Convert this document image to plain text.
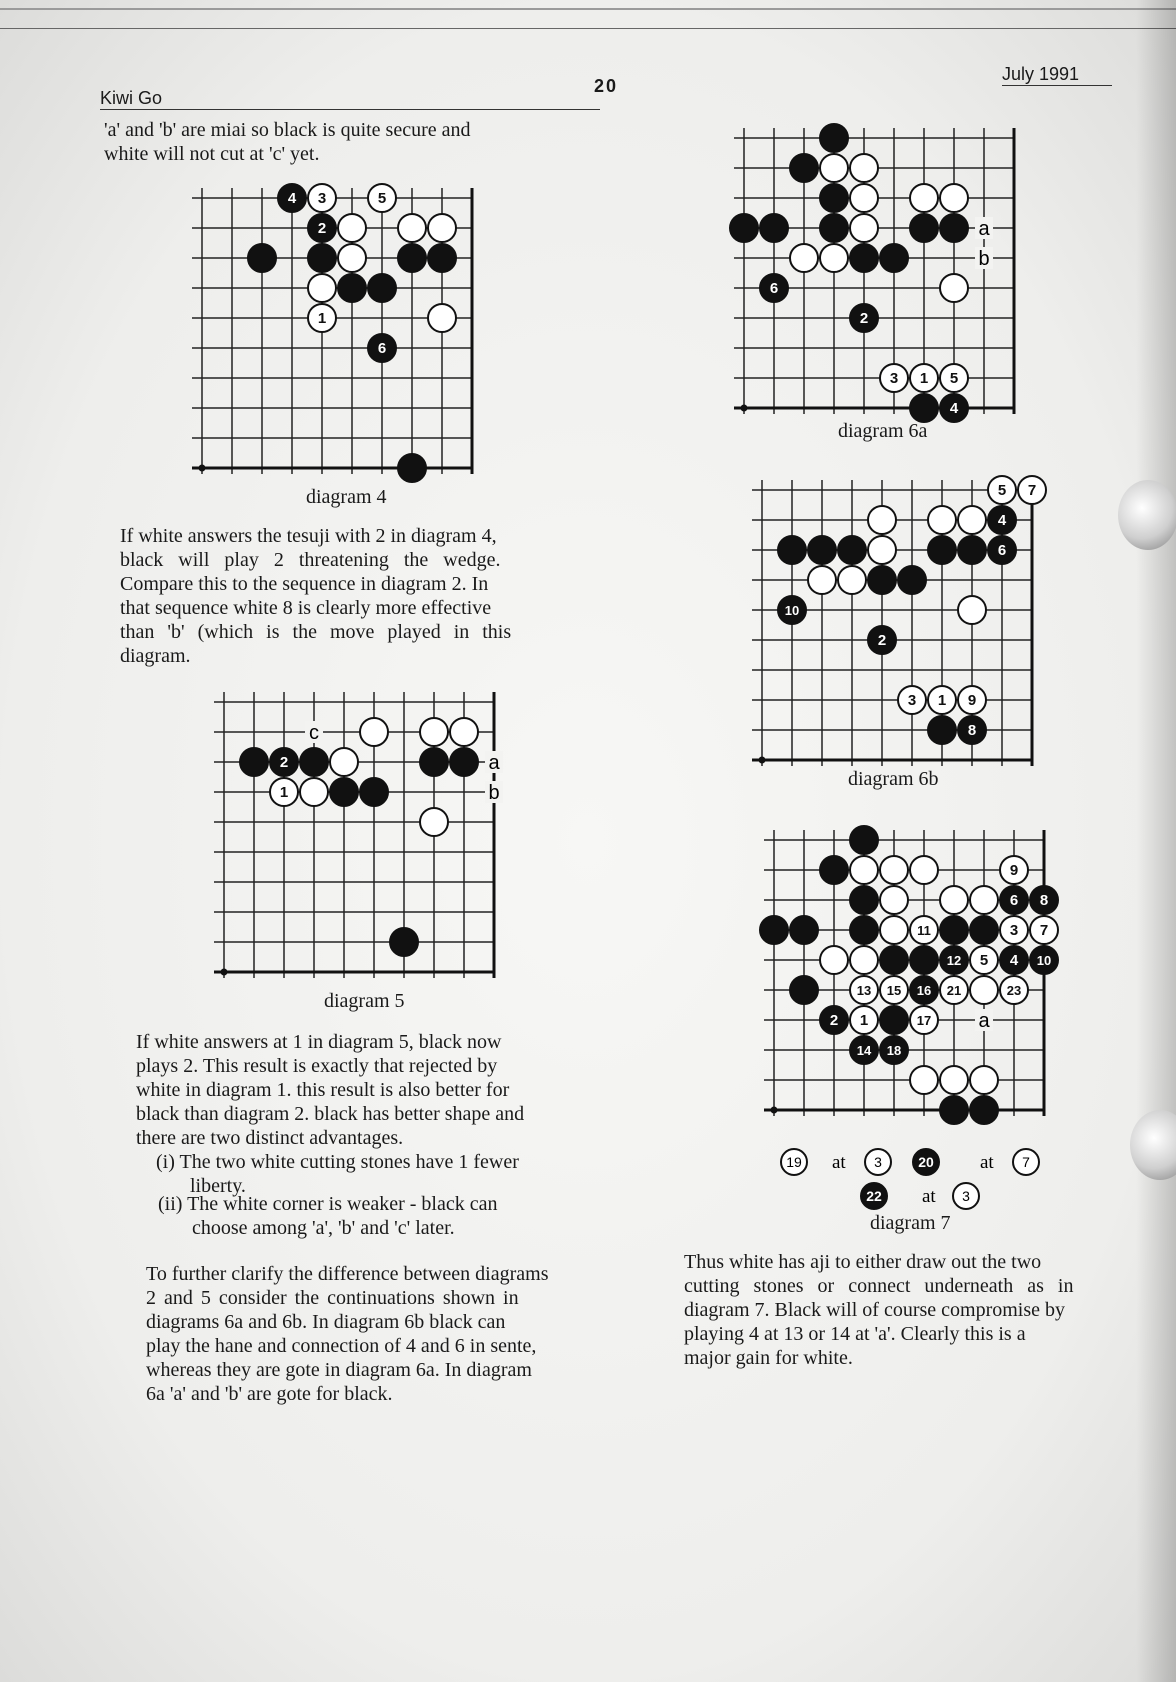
Kiwi Go
20
July 1991

'a' and 'b' are miai so black is quite secure and

white will not cut at 'c' yet.

4 3	5
2
1
6
diagram 4

If white answers the tesuji with 2 in diagram 4,

black will play 2 threatening the wedge.

Compare this to the sequence in diagram 2. In

that sequence white 8 is clearly more effective

than 'b' (which is the move played in this

diagram.

c
a
b
2
1
diagram 5

If white answers at 1 in diagram 5, black now

plays 2. This result is exactly that rejected by

white in diagram 1. this result is also better for

black than diagram 2. black has better shape and

there are two distinct advantages.

(i) The two white cutting stones have 1 fewer

liberty.

(ii) The white corner is weaker - black can

choose among 'a', 'b' and 'c' later.

To further clarify the difference between diagrams

2 and 5 consider the continuations shown in

diagrams 6a and 6b. In diagram 6b black can

play the hane and connection of 4 and 6 in sente,

whereas they are gote in diagram 6a. In diagram

6a 'a' and 'b' are gote for black.

a
b
6
2
3 1 5
4
diagram 6a
5 7
4
6
10
2
3 1 9
8
diagram 6b
a
9
6 8
11	3 7
12 5 4 10
13 15 16 21	23
2 1	17
14 18
19 at 3	20 at 7
22 at 3
diagram 7

Thus white has aji to either draw out the two

cutting stones or connect underneath as in

diagram 7. Black will of course compromise by

playing 4 at 13 or 14 at 'a'. Clearly this is a

major gain for white.
